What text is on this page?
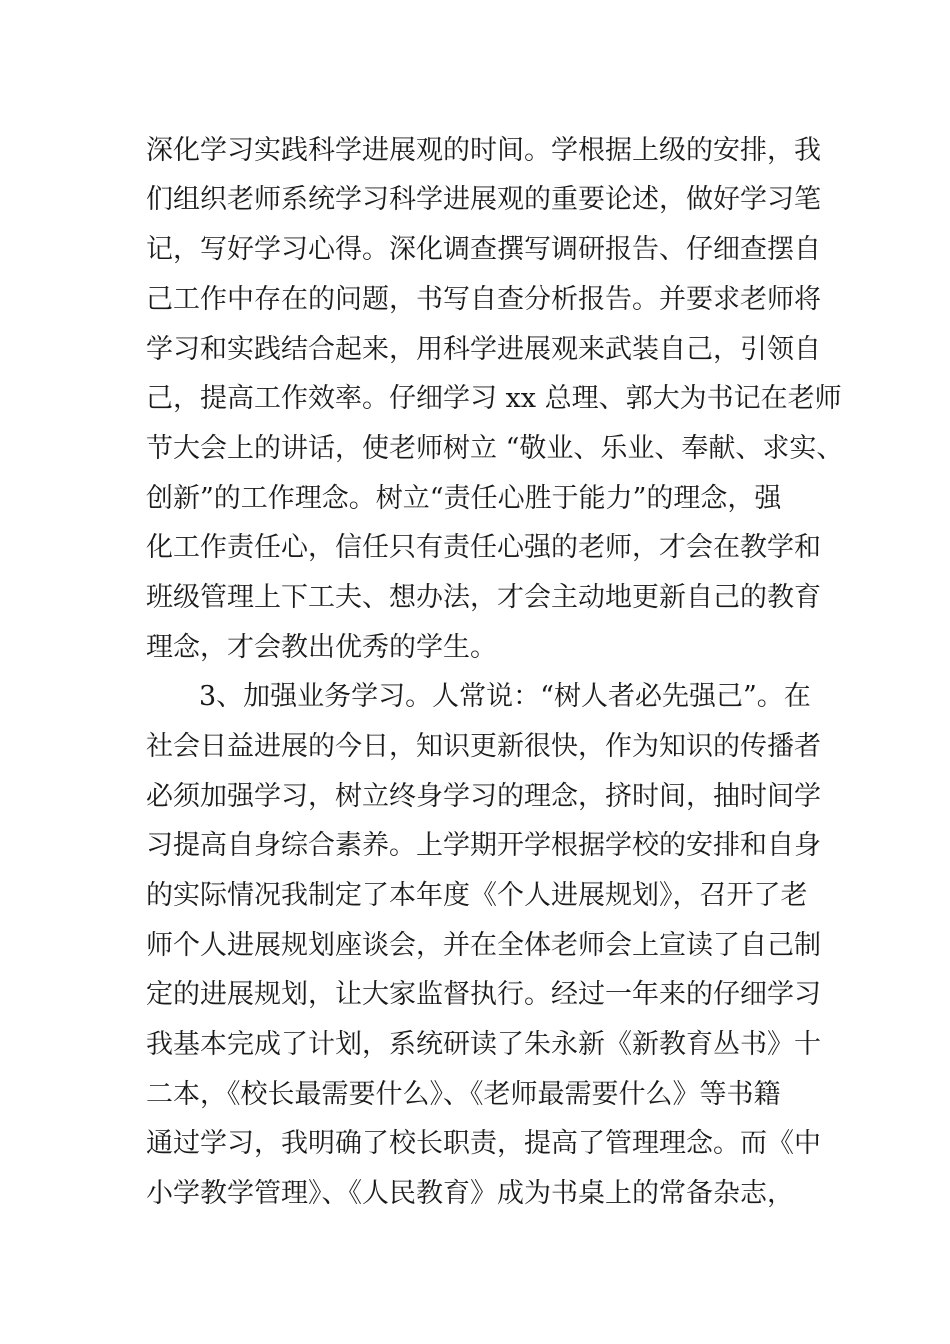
深化学习实践科学进展观的时间。学根据上级的安排，我
们组织老师系统学习科学进展观的重要论述，做好学习笔
记，写好学习心得。深化调查撰写调研报告、仔细查摆自
己工作中存在的问题，书写自查分析报告。并要求老师将
学习和实践结合起来，用科学进展观来武装自己，引领自
己，提高工作效率。仔细学习 xx 总理、郭大为书记在老师
节大会上的讲话，使老师树立 “敬业、乐业、奉献、求实、
创新”的工作理念。树立“责任心胜于能力”的理念，强
化工作责任心，信任只有责任心强的老师，才会在教学和
班级管理上下工夫、想办法，才会主动地更新自己的教育
理念，才会教出优秀的学生。
3、加强业务学习。人常说：“树人者必先强己”。在
社会日益进展的今日，知识更新很快，作为知识的传播者
必须加强学习，树立终身学习的理念，挤时间，抽时间学
习提高自身综合素养。上学期开学根据学校的安排和自身
的实际情况我制定了本年度《个人进展规划》，召开了老
师个人进展规划座谈会，并在全体老师会上宣读了自己制
定的进展规划，让大家监督执行。经过一年来的仔细学习
我基本完成了计划，系统研读了朱永新《新教育丛书》十
二本，《校长最需要什么》、《老师最需要什么》等书籍
通过学习，我明确了校长职责，提高了管理理念。而《中
小学教学管理》、《人民教育》成为书桌上的常备杂志，
